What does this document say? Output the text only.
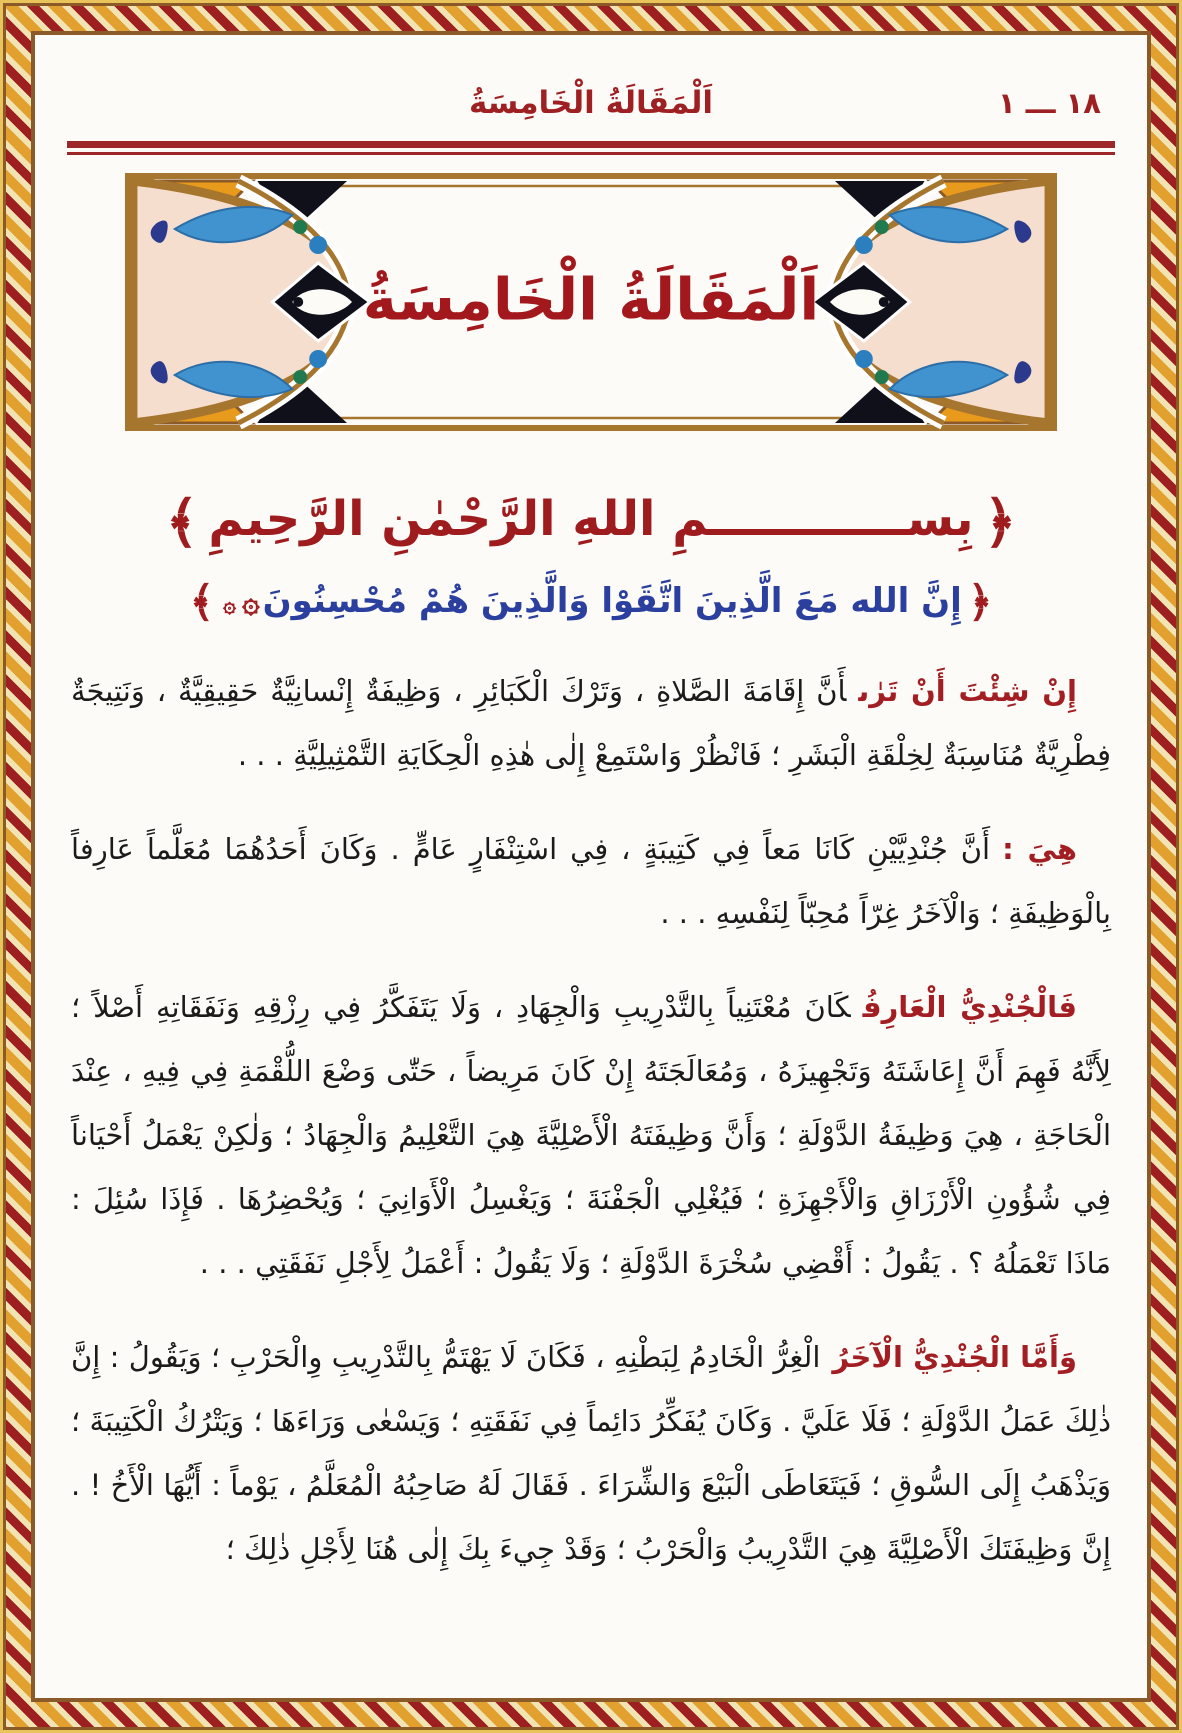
اَلْمَقَالَةُ الْخَامِسَةُ	١٨ ـــ ١
اَلْمَقَالَةُ الْخَامِسَةُ
﴿بِســــــــــــمِ اللهِ الرَّحْمٰنِ الرَّحِيمِ﴾
﴿إِنَّ الله مَعَ الَّذِينَ اتَّقَوْا وَالَّذِينَ هُمْ مُحْسِنُونَ۞۞﴾

إِنْ شِئْتَ أَنْ تَرٰىأَنَّ إِقَامَةَ الصَّلاةِ ، وَتَرْكَ الْكَبَائِرِ ، وَظِيفَةٌ إِنْسانِيَّةٌ حَقِيقِيَّةٌ ، وَنَتِيجَةٌ فِطْرِيَّةٌ مُنَاسِبَةٌ لِخِلْقَةِ الْبَشَرِ ؛ فَانْظُرْ وَاسْتَمِعْ إِلٰى هٰذِهِ الْحِكَايَةِ التَّمْثِيلِيَّةِ . . .

هِيَ :أَنَّ جُنْدِيَّيْنِ كَانَا مَعاً فِي كَتِيبَةٍ ، فِي اسْتِنْفَارٍ عَامٍّ . وَكَانَ أَحَدُهُمَا مُعَلَّماً عَارِفاً بِالْوَظِيفَةِ ؛ وَالْآخَرُ غِرّاً مُحِبّاً لِنَفْسِهِ . . .

فَالْجُنْدِيُّ الْعَارِفُكَانَ مُعْتَنِياً بِالتَّدْرِيبِ وَالْجِهَادِ ، وَلَا يَتَفَكَّرُ فِي رِزْقِهِ وَنَفَقَاتِهِ أَصْلاً ؛ لِأَنَّهُ فَهِمَ أَنَّ إِعَاشَتَهُ وَتَجْهِيزَهُ ، وَمُعَالَجَتَهُ إِنْ كَانَ مَرِيضاً ، حَتّٰى وَضْعَ اللُّقْمَةِ فِي فِيهِ ، عِنْدَ الْحَاجَةِ ، هِيَ وَظِيفَةُ الدَّوْلَةِ ؛ وَأَنَّ وَظِيفَتَهُ الْأَصْلِيَّةَ هِيَ التَّعْلِيمُ وَالْجِهَادُ ؛ وَلٰكِنْ يَعْمَلُ أَحْيَاناً فِي شُؤُونِ الْأَرْزَاقِ وَالْأَجْهِزَةِ ؛ فَيُغْلِي الْجَفْنَةَ ؛ وَيَغْسِلُ الْأَوَانِيَ ؛ وَيُحْضِرُهَا . فَإِذَا سُئِلَ : مَاذَا تَعْمَلُهُ ؟ . يَقُولُ : أَقْضِي سُخْرَةَ الدَّوْلَةِ ؛ وَلَا يَقُولُ : أَعْمَلُ لِأَجْلِ نَفَقَتِي . . .

وَأَمَّا الْجُنْدِيُّ الْآخَرُالْغِرُّ الْخَادِمُ لِبَطْنِهِ ، فَكَانَ لَا يَهْتَمُّ بِالتَّدْرِيبِ وِالْحَرْبِ ؛ وَيَقُولُ : إِنَّ ذٰلِكَ عَمَلُ الدَّوْلَةِ ؛ فَلَا عَلَيَّ . وَكَانَ يُفَكِّرُ دَائِماً فِي نَفَقَتِهِ ؛ وَيَسْعٰى وَرَاءَهَا ؛ وَيَتْرُكُ الْكَتِيبَةَ ؛ وَيَذْهَبُ إِلَى السُّوقِ ؛ فَيَتَعَاطَى الْبَيْعَ وَالشِّرَاءَ . فَقَالَ لَهُ صَاحِبُهُ الْمُعَلَّمُ ، يَوْماً : أَيُّهَا الْأَخُ ! . إِنَّ وَظِيفَتَكَ الْأَصْلِيَّةَ هِيَ التَّدْرِيبُ وَالْحَرْبُ ؛ وَقَدْ جِيءَ بِكَ إِلٰى هُنَا لِأَجْلِ ذٰلِكَ ؛
